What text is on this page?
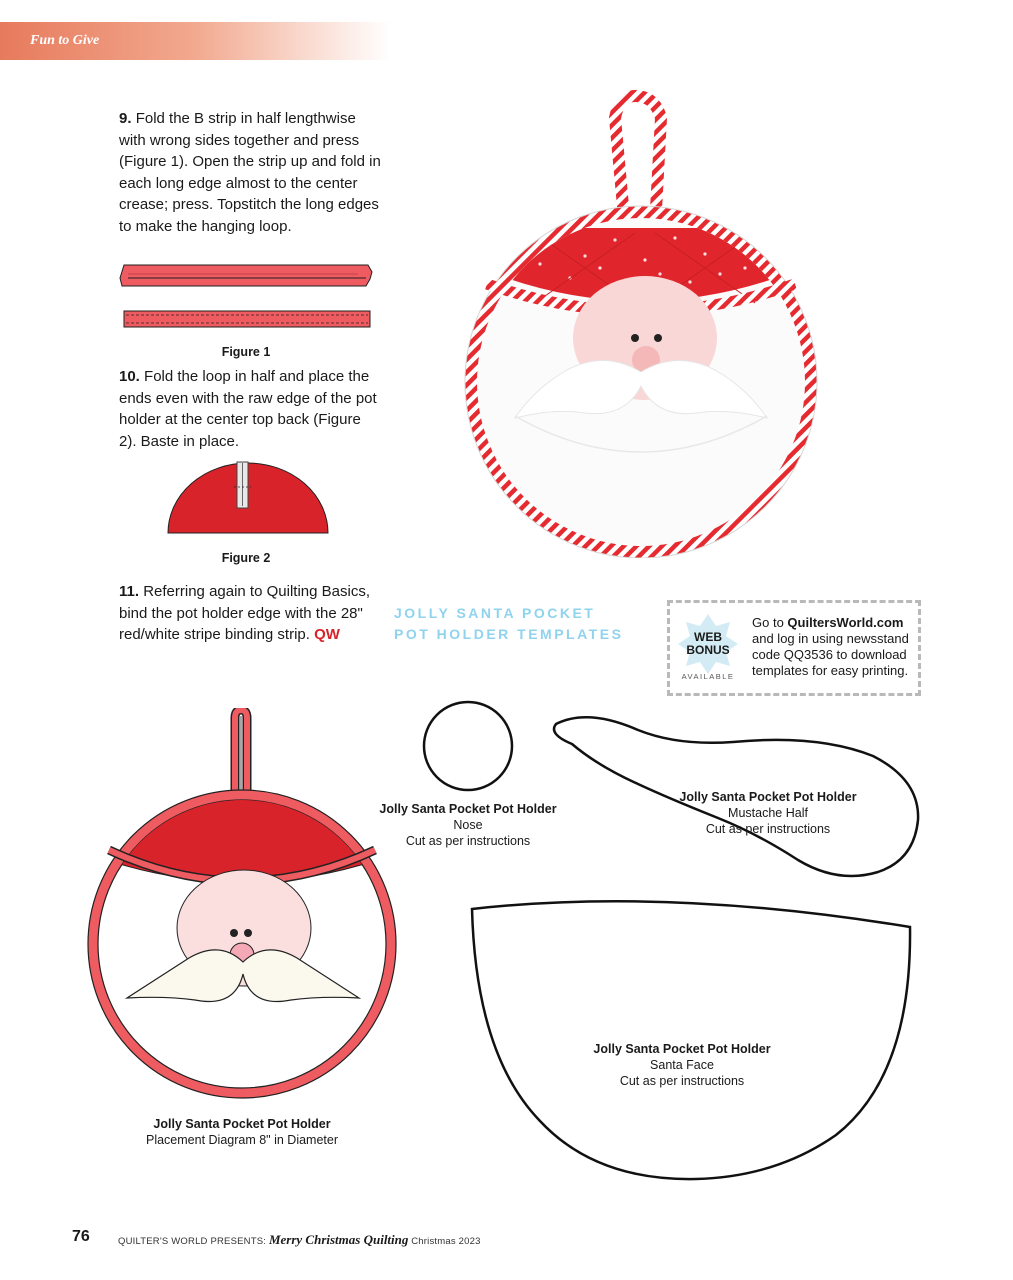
Fun to Give
9. Fold the B strip in half lengthwise with wrong sides together and press (Figure 1). Open the strip up and fold in each long edge almost to the center crease; press. Topstitch the long edges to make the hanging loop.
Figure 1
10. Fold the loop in half and place the ends even with the raw edge of the pot holder at the center top back (Figure 2). Baste in place.
Figure 2
11. Referring again to Quilting Basics, bind the pot holder edge with the 28" red/white stripe binding strip. QW
JOLLY SANTA POCKET
POT HOLDER TEMPLATES	WEB
BONUS
AVAILABLE
Go to QuiltersWorld.com and log in using newsstand code QQ3536 to download templates for easy printing.
Jolly Santa Pocket Pot Holder
Nose
Cut as per instructions
Jolly Santa Pocket Pot Holder
Mustache Half
Cut as per instructions
Jolly Santa Pocket Pot Holder
Santa Face
Cut as per instructions
Jolly Santa Pocket Pot Holder
Placement Diagram 8" in Diameter
76	QUILTER'S WORLD PRESENTS: Merry Christmas Quilting Christmas 2023
